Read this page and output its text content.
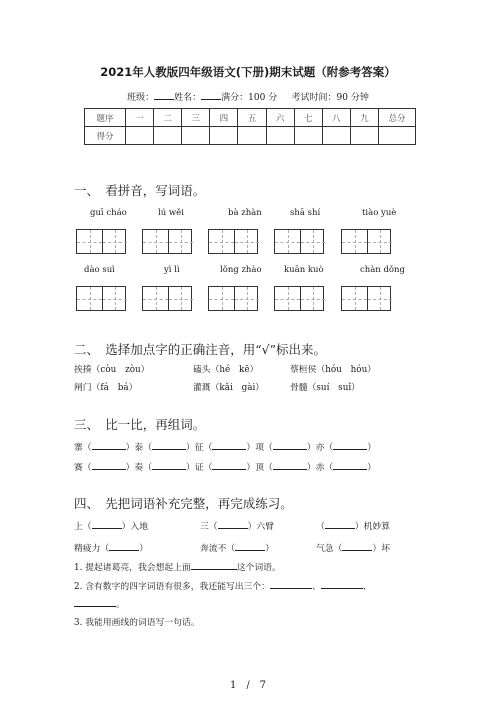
2021年人教版四年级语文(下册)期末试题（附参考答案）
班级： 姓名： 满分：100 分 考试时间：90 分钟
题序	一	二	三	四	五	六	七	八	九	总分
得分										
一、　看拼音，写词语。
guī cháo	lú wěi	bà zhàn	shā shí	tiào yuè
dào suì	yì lì	lǒng zhào	kuān kuò	chàn dǒng
二、　选择加点字的正确注音，用“√”标出来。
挨揍（còu　zòu）	磕头（hé　kē）	蔡桓侯（hóu　hóu）
闸门（fá　bá）	灌溉（kǎi　gài）	骨髓（suí　suǐ）
三、　比一比，再组词。
寨（	）泰（	）征（	）项（	）亦（	）
赛（	）奏（	）证（	）顶（	）赤（	）
四、　先把词语补充完整，再完成练习。
上（	）入地	三（	）六臂	（	）机妙算
精疲力（	）	奔流不（	）	气急（	）坏
1. 提起诸葛亮，我会想起上面	这个词语。
2. 含有数字的四字词语有很多，我还能写出三个：	、	、
。
3. 我能用画线的词语写一句话。
1　/　7
